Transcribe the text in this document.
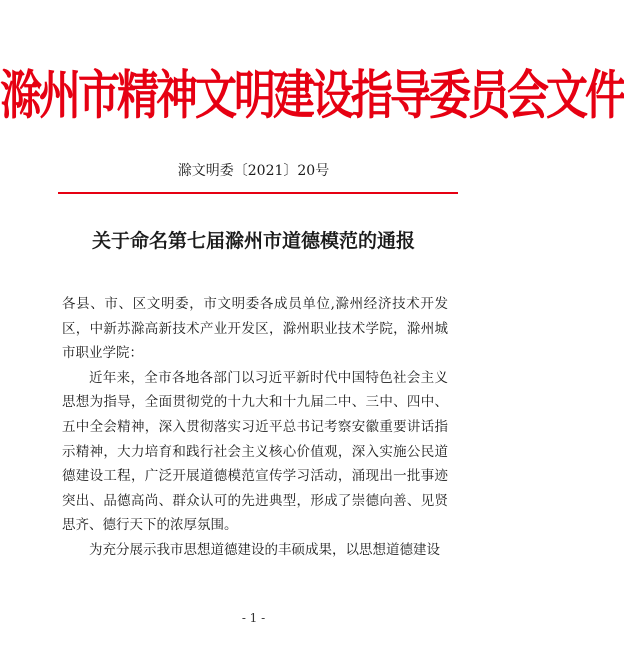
滁州市精神文明建设指导委员会文件
滁文明委〔2021〕20号
关于命名第七届滁州市道德模范的通报

各县、市、区文明委，市文明委各成员单位,滁州经济技术开发区，中新苏滁高新技术产业开发区，滁州职业技术学院，滁州城市职业学院：

近年来，全市各地各部门以习近平新时代中国特色社会主义思想为指导，全面贯彻党的十九大和十九届二中、三中、四中、五中全会精神，深入贯彻落实习近平总书记考察安徽重要讲话指示精神，大力培育和践行社会主义核心价值观，深入实施公民道德建设工程，广泛开展道德模范宣传学习活动，涌现出一批事迹突出、品德高尚、群众认可的先进典型，形成了崇德向善、见贤思齐、德行天下的浓厚氛围。

为充分展示我市思想道德建设的丰硕成果，以思想道德建设

- 1 -
